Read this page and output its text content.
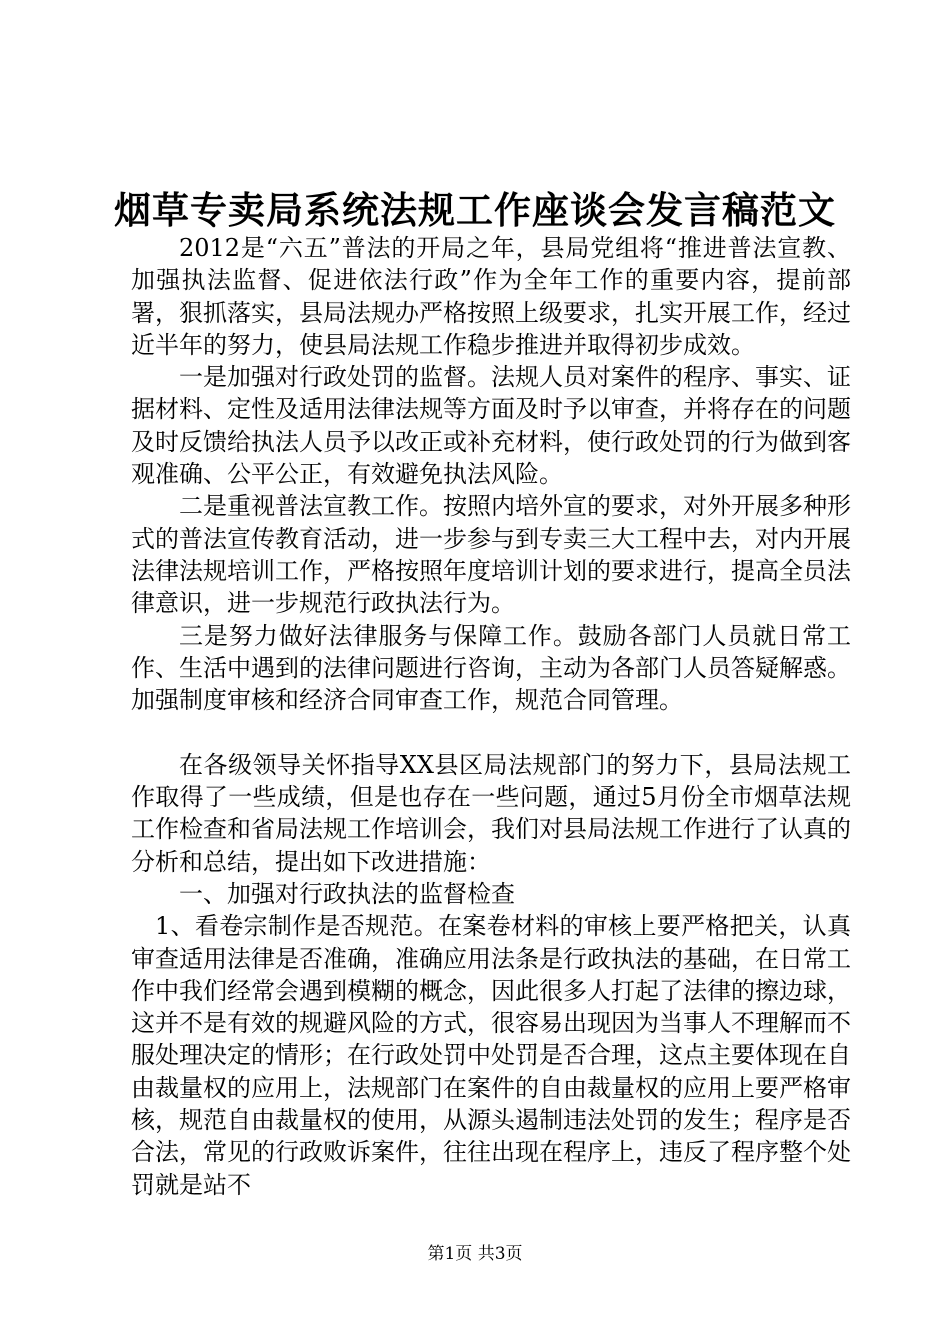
烟草专卖局系统法规工作座谈会发言稿范文

2012是“六五”普法的开局之年，县局党组将“推进普法宣教、加强执法监督、促进依法行政”作为全年工作的重要内容，提前部署，狠抓落实，县局法规办严格按照上级要求，扎实开展工作，经过近半年的努力，使县局法规工作稳步推进并取得初步成效。

一是加强对行政处罚的监督。法规人员对案件的程序、事实、证据材料、定性及适用法律法规等方面及时予以审查，并将存在的问题及时反馈给执法人员予以改正或补充材料，使行政处罚的行为做到客观准确、公平公正，有效避免执法风险。

二是重视普法宣教工作。按照内培外宣的要求，对外开展多种形式的普法宣传教育活动，进一步参与到专卖三大工程中去，对内开展法律法规培训工作，严格按照年度培训计划的要求进行，提高全员法律意识，进一步规范行政执法行为。

三是努力做好法律服务与保障工作。鼓励各部门人员就日常工作、生活中遇到的法律问题进行咨询，主动为各部门人员答疑解惑。加强制度审核和经济合同审查工作，规范合同管理。

在各级领导关怀指导XX县区局法规部门的努力下，县局法规工作取得了一些成绩，但是也存在一些问题，通过5月份全市烟草法规工作检查和省局法规工作培训会，我们对县局法规工作进行了认真的分析和总结，提出如下改进措施：

一、加强对行政执法的监督检查

1、看卷宗制作是否规范。在案卷材料的审核上要严格把关，认真审查适用法律是否准确，准确应用法条是行政执法的基础，在日常工作中我们经常会遇到模糊的概念，因此很多人打起了法律的擦边球，这并不是有效的规避风险的方式，很容易出现因为当事人不理解而不服处理决定的情形；在行政处罚中处罚是否合理，这点主要体现在自由裁量权的应用上，法规部门在案件的自由裁量权的应用上要严格审核，规范自由裁量权的使用，从源头遏制违法处罚的发生；程序是否合法，常见的行政败诉案件，往往出现在程序上，违反了程序整个处罚就是站不

第1页 共3页
